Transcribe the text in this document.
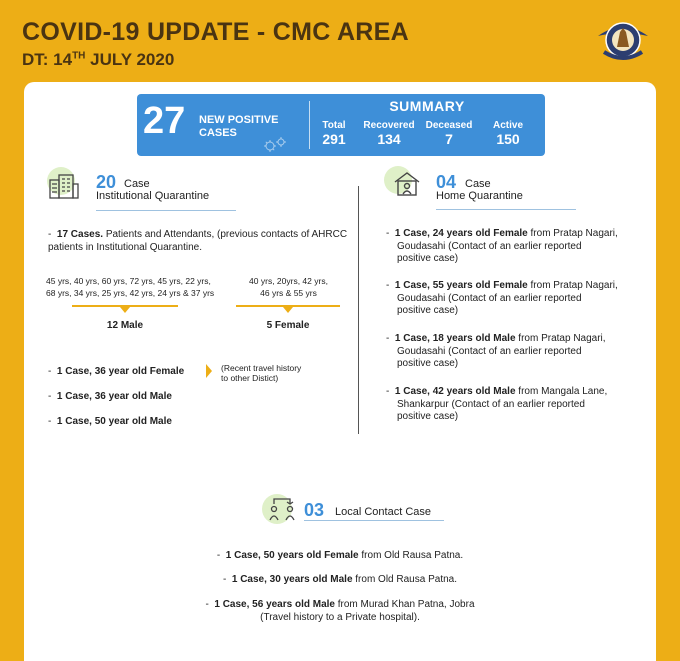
COVID-19 UPDATE - CMC AREA
DT: 14TH JULY 2020
27 NEW POSITIVE CASES
SUMMARY
Total
291
Recovered
134
Deceased
7
Active
150
20 Case
Institutional Quarantine
-  17 Cases. Patients and Attendants, (previous contacts of AHRCC patients in Institutional Quarantine.
45 yrs, 40 yrs, 60 yrs, 72 yrs, 45 yrs, 22 yrs,
68 yrs, 34 yrs, 25 yrs, 42 yrs, 24 yrs & 37 yrs
40 yrs, 20yrs, 42 yrs,
46 yrs & 55 yrs
12 Male	5 Female
-  1 Case, 36 year old Female	(Recent travel history
to other Distict)
-  1 Case, 36 year old Male
-  1 Case, 50 year old Male
04 Case
Home Quarantine
-  1 Case, 24 years old Female from Pratap Nagari,
Goudasahi (Contact of an earlier reported
positive case)
-  1 Case, 55 years old Female from Pratap Nagari,
Goudasahi (Contact of an earlier reported
positive case)
-  1 Case, 18 years old Male from Pratap Nagari,
Goudasahi (Contact of an earlier reported
positive case)
-  1 Case, 42 years old Male from Mangala Lane,
Shankarpur (Contact of an earlier reported
positive case)
03 Local Contact Case
-  1 Case, 50 years old Female from Old Rausa Patna.
-  1 Case, 30 years old Male from Old Rausa Patna.
-  1 Case, 56 years old Male from Murad Khan Patna, Jobra
(Travel history to a Private hospital).
